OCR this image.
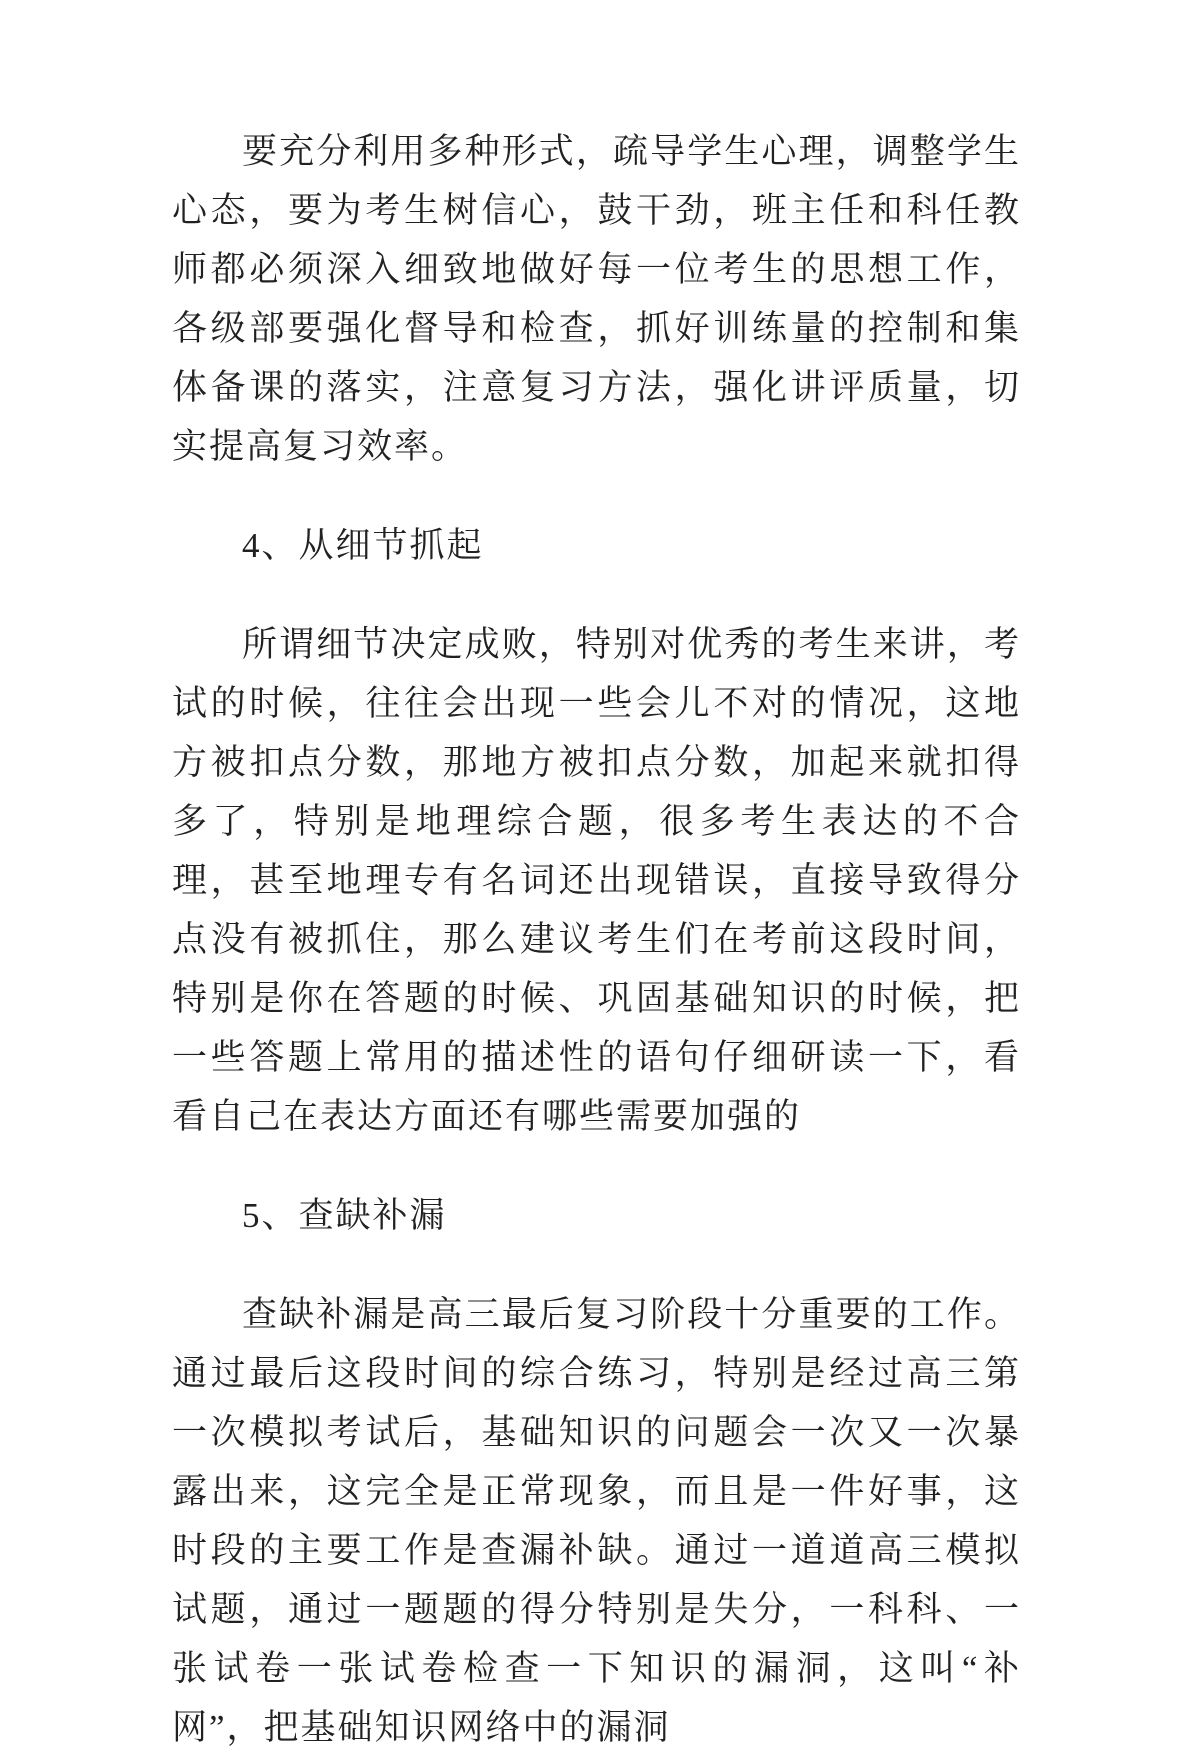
要充分利用多种形式，疏导学生心理，调整学生心态，要为考生树信心，鼓干劲，班主任和科任教师都必须深入细致地做好每一位考生的思想工作，各级部要强化督导和检查，抓好训练量的控制和集体备课的落实，注意复习方法，强化讲评质量，切实提高复习效率。

4、从细节抓起

所谓细节决定成败，特别对优秀的考生来讲，考试的时候，往往会出现一些会儿不对的情况，这地方被扣点分数，那地方被扣点分数，加起来就扣得多了，特别是地理综合题，很多考生表达的不合理，甚至地理专有名词还出现错误，直接导致得分点没有被抓住，那么建议考生们在考前这段时间，特别是你在答题的时候、巩固基础知识的时候，把一些答题上常用的描述性的语句仔细研读一下，看看自己在表达方面还有哪些需要加强的

5、查缺补漏

查缺补漏是高三最后复习阶段十分重要的工作。通过最后这段时间的综合练习，特别是经过高三第一次模拟考试后，基础知识的问题会一次又一次暴露出来，这完全是正常现象，而且是一件好事，这时段的主要工作是查漏补缺。通过一道道高三模拟试题，通过一题题的得分特别是失分，一科科、一张试卷一张试卷检查一下知识的漏洞，这叫“补网”，把基础知识网络中的漏洞
